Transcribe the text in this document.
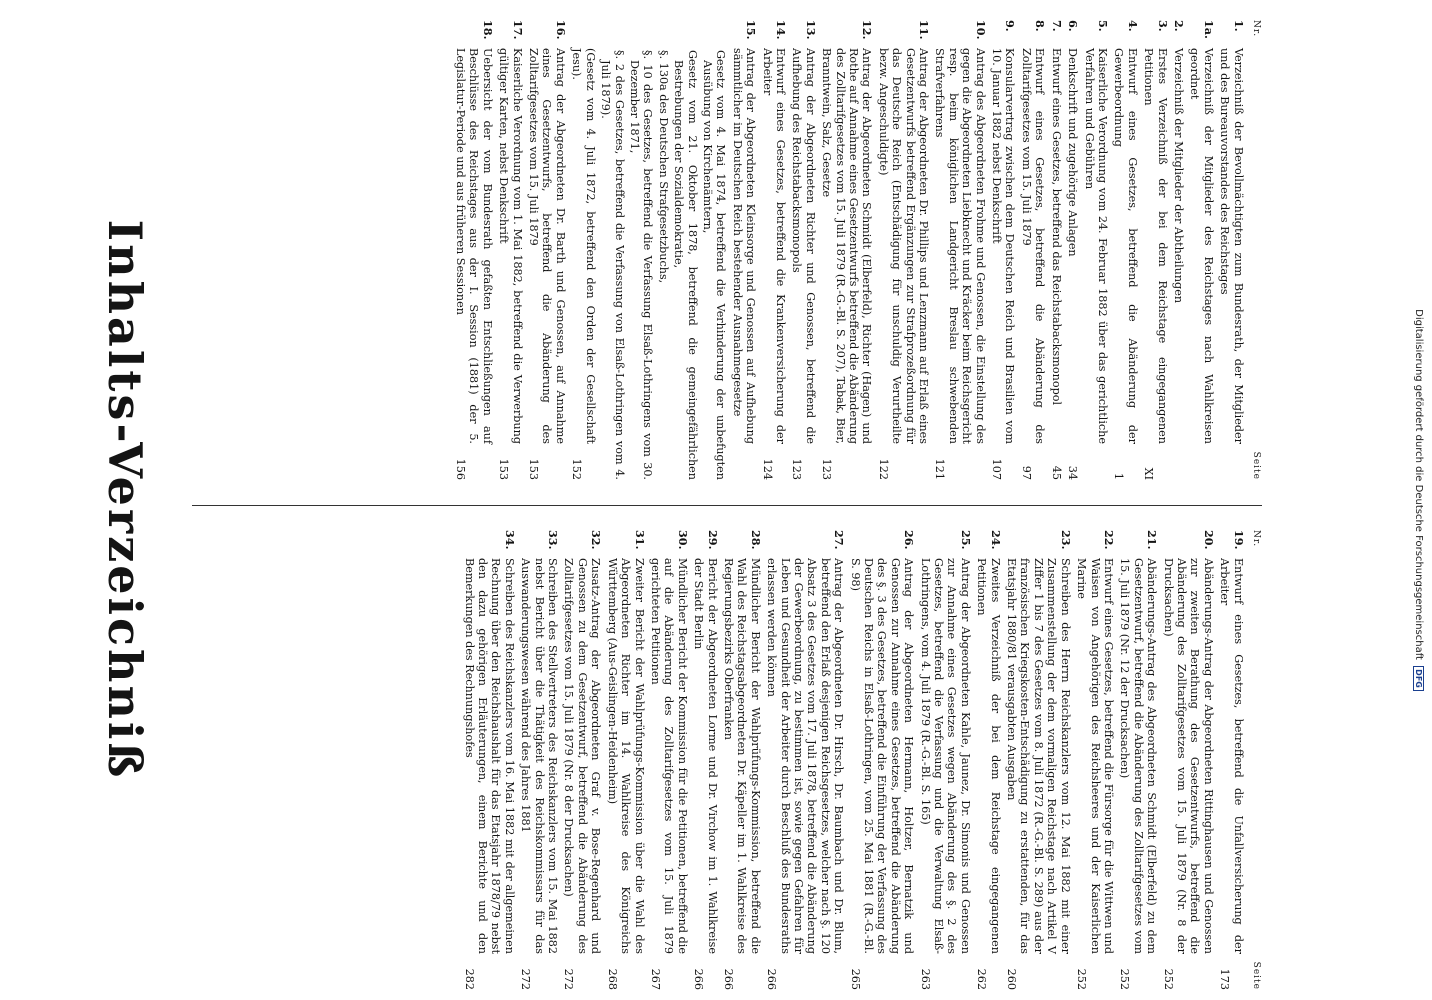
Digitalisierung gefördert durch die Deutsche Forschungsgemeinschaft DFG
Nr.
Seite
1.
Verzeichniß der Bevollmächtigten zum Bundesrath, der Mitglieder und des Bureauvorstandes des Reichstages
1a.
Verzeichniß der Mitglieder des Reichstages nach Wahlkreisen geordnet
2.
Verzeichniß der Mitglieder der Abtheilungen
3.
Erstes Verzeichniß der bei dem Reichstage eingegangenen Petitionen
XI
4.
Entwurf eines Gesetzes, betreffend die Abänderung der Gewerbeordnung
1
5.
Kaiserliche Verordnung vom 24. Februar 1882 über das gerichtliche Verfahren und Gebühren
6.
Denkschrift und zugehörige Anlagen
34
7.
Entwurf eines Gesetzes, betreffend das Reichstabacksmonopol
45
8.
Entwurf eines Gesetzes, betreffend die Abänderung des Zolltarifgesetzes vom 15. Juli 1879
97
9.
Konsularvertrag zwischen dem Deutschen Reich und Brasilien vom 10. Januar 1882 nebst Denkschrift
107
10.
Antrag des Abgeordneten Frohme und Genossen, die Einstellung des gegen die Abgeordneten Liebknecht und Kräcker beim Reichsgericht resp. beim königlichen Landgericht Breslau schwebenden Strafverfahrens
121
11.
Antrag der Abgeordneten Dr. Phillips und Lenzmann auf Erlaß eines Gesetzentwurfs betreffend Ergänzungen zur Strafprozeßordnung für das Deutsche Reich (Entschädigung für unschuldig Verurtheilte bezw. Angeschuldigte)
122
12.
Antrag der Abgeordneten Schmidt (Elberfeld), Richter (Hagen) und Rothe auf Annahme eines Gesetzentwurfs betreffend die Abänderung des Zolltarifgesetzes vom 15. Juli 1879 (R.-G.-Bl. S. 207), Tabak, Bier, Branntwein, Salz, Gesetze
123
13.
Antrag der Abgeordneten Richter und Genossen, betreffend die Aufhebung des Reichstabacksmonopols
123
14.
Entwurf eines Gesetzes, betreffend die Krankenversicherung der Arbeiter
124
15.
Antrag der Abgeordneten Kleinsorge und Genossen auf Aufhebung sämmtlicher im Deutschen Reich bestehender Ausnahmegesetze
Gesetz vom 4. Mai 1874, betreffend die Verhinderung der unbefugten Ausübung von Kirchenämtern,
Gesetz vom 21. Oktober 1878, betreffend die gemeingefährlichen Bestrebungen der Sozialdemokratie,
§. 130a des Deutschen Strafgesetzbuchs,
§. 10 des Gesetzes, betreffend die Verfassung Elsaß-Lothringens vom 30. Dezember 1871,
§. 2 des Gesetzes, betreffend die Verfassung von Elsaß-Lothringen vom 4. Juli 1879).
(Gesetz vom 4. Juli 1872, betreffend den Orden der Gesellschaft Jesu).
152
16.
Antrag der Abgeordneten Dr. Barth und Genossen, auf Annahme eines Gesetzentwurfs, betreffend die Abänderung des Zolltarifgesetzes vom 15. Juli 1879
153
17.
Kaiserliche Verordnung vom 1. Mai 1882, betreffend die Verwerbung gültiger Karten, nebst Denkschrift
153
18.
Uebersicht der vom Bundesrath gefaßten Entschließungen auf Beschlüsse des Reichstages aus der I. Session (1881) der 5. Legislatur-Periode und aus früheren Sessionen
156
Nr.
Seite
19.
Entwurf eines Gesetzes, betreffend die Unfallversicherung der Arbeiter
173
20.
Abänderungs-Antrag der Abgeordneten Rittinghausen und Genossen zur zweiten Berathung des Gesetzentwurfs, betreffend die Abänderung des Zolltarifgesetzes vom 15. Juli 1879 (Nr. 8 der Drucksachen)
252
21.
Abänderungs-Antrag des Abgeordneten Schmidt (Elberfeld) zu dem Gesetzentwurf, betreffend die Abänderung des Zolltarifgesetzes vom 15. Juli 1879 (Nr. 12 der Drucksachen)
252
22.
Entwurf eines Gesetzes, betreffend die Fürsorge für die Wittwen und Waisen von Angehörigen des Reichsheeres und der Kaiserlichen Marine
252
23.
Schreiben des Herrn Reichskanzlers vom 12. Mai 1882 mit einer Zusammenstellung der dem vormaligen Reichstage nach Artikel V Ziffer 1 bis 7 des Gesetzes vom 8. Juli 1872 (R.-G.-Bl. S. 289) aus der französischen Kriegskosten-Entschädigung zu erstattenden, für das Etatsjahr 1880/81 verausgabten Ausgaben
260
24.
Zweites Verzeichniß der bei dem Reichstage eingegangenen Petitionen
262
25.
Antrag der Abgeordneten Kahle, Jaunez, Dr. Simonis und Genossen zur Annahme eines Gesetzes wegen Abänderung des §. 2 des Gesetzes, betreffend die Verfassung und die Verwaltung Elsaß-Lothringens, vom 4. Juli 1879 (R.-G.-Bl. S. 165)
263
26.
Antrag der Abgeordneten Hermann, Holtzer, Bernatzik und Genossen zur Annahme eines Gesetzes, betreffend die Abänderung des §. 3 des Gesetzes, betreffend die Einführung der Verfassung des Deutschen Reichs in Elsaß-Lothringen, vom 25. Mai 1881 (R.-G.-Bl. S. 98)
265
27.
Antrag der Abgeordneten Dr. Hirsch, Dr. Baumbach und Dr. Blum, betreffend den Erlaß desjenigen Reichsgesetzes, welcher nach §. 120 Absatz 3 des Gesetzes vom 17. Juli 1878, betreffend die Abänderung der Gewerbeordnung, zu bestimmen ist, sowie gegen Gefahren für Leben und Gesundheit der Arbeiter durch Beschluß des Bundesraths erlassen werden können
266
28.
Mündlicher Bericht der Wahlprüfungs-Kommission, betreffend die Wahl des Reichstagsabgeordneten Dr. Käpeller im 1. Wahlkreise des Regierungsbezirks Oberfranken
266
29.
Bericht der Abgeordneten Lorme und Dr. Virchow im 1. Wahlkreise der Stadt Berlin
266
30.
Mündlicher Bericht der Kommission für die Petitionen, betreffend die auf die Abänderung des Zolltarifgesetzes vom 15. Juli 1879 gerichteten Petitionen
267
31.
Zweiter Bericht der Wahlprüfungs-Kommission über die Wahl des Abgeordneten Richter im 14. Wahlkreise des Königreichs Württemberg (Aus-Geislingen-Heidenheim)
268
32.
Zusatz-Antrag der Abgeordneten Graf v. Bose-Regenhard und Genossen zu dem Gesetzentwurf, betreffend die Abänderung des Zolltarifgesetzes vom 15. Juli 1879 (Nr. 8 der Drucksachen)
272
33.
Schreiben des Stellvertreters des Reichskanzlers vom 15. Mai 1882 nebst Bericht über die Thätigkeit des Reichskommissars für das Auswanderungswesen während des Jahres 1881
272
34.
Schreiben des Reichskanzlers vom 16. Mai 1882 mit der allgemeinen Rechnung über den Reichshaushalt für das Etatsjahr 1878/79 nebst den dazu gehörigen Erläuterungen, einem Berichte und den Bemerkungen des Rechnungshofes
282
Inhalts-Verzeichniß
